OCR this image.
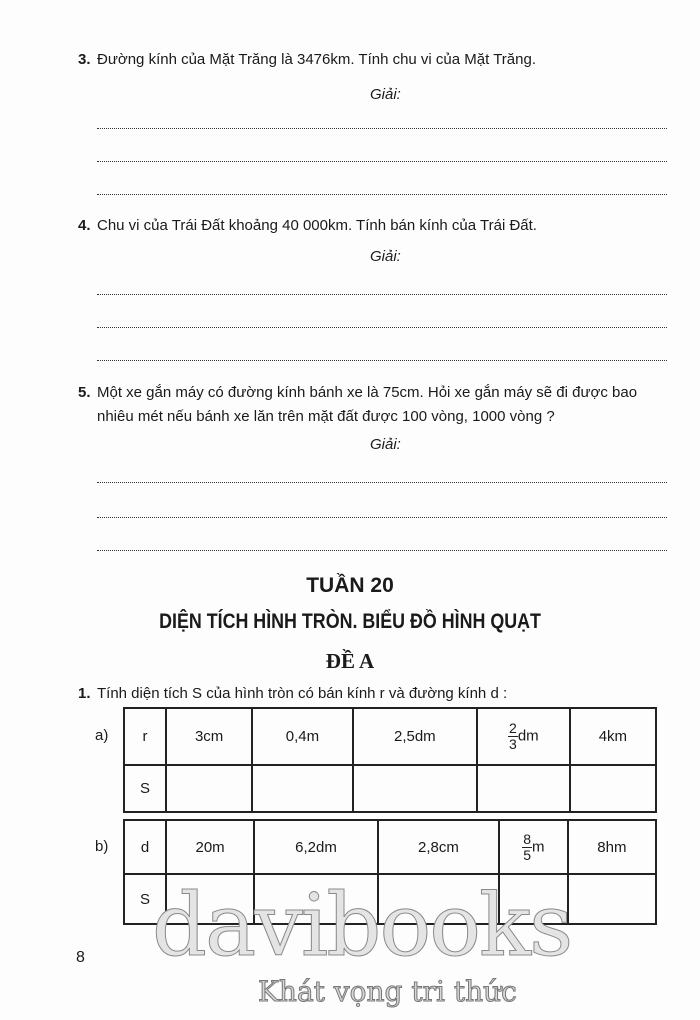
3. Đường kính của Mặt Trăng là 3476km. Tính chu vi của Mặt Trăng.
Giải:
4. Chu vi của Trái Đất khoảng 40 000km. Tính bán kính của Trái Đất.
Giải:
5. Một xe gắn máy có đường kính bánh xe là 75cm. Hỏi xe gắn máy sẽ đi được bao nhiêu mét nếu bánh xe lăn trên mặt đất được 100 vòng, 1000 vòng ?
Giải:
TUẦN 20
DIỆN TÍCH HÌNH TRÒN. BIỂU ĐỒ HÌNH QUẠT
ĐỀ A
1. Tính diện tích S của hình tròn có bán kính r và đường kính d :
a) r	3cm	0,4m	2,5dm	$\frac{2}{3}$ dm	4km
S					
b) d	20m	6,2dm	2,8cm	$\frac{8}{5}$ m	8hm
S					davibooks
Khát vọng tri thức
8
